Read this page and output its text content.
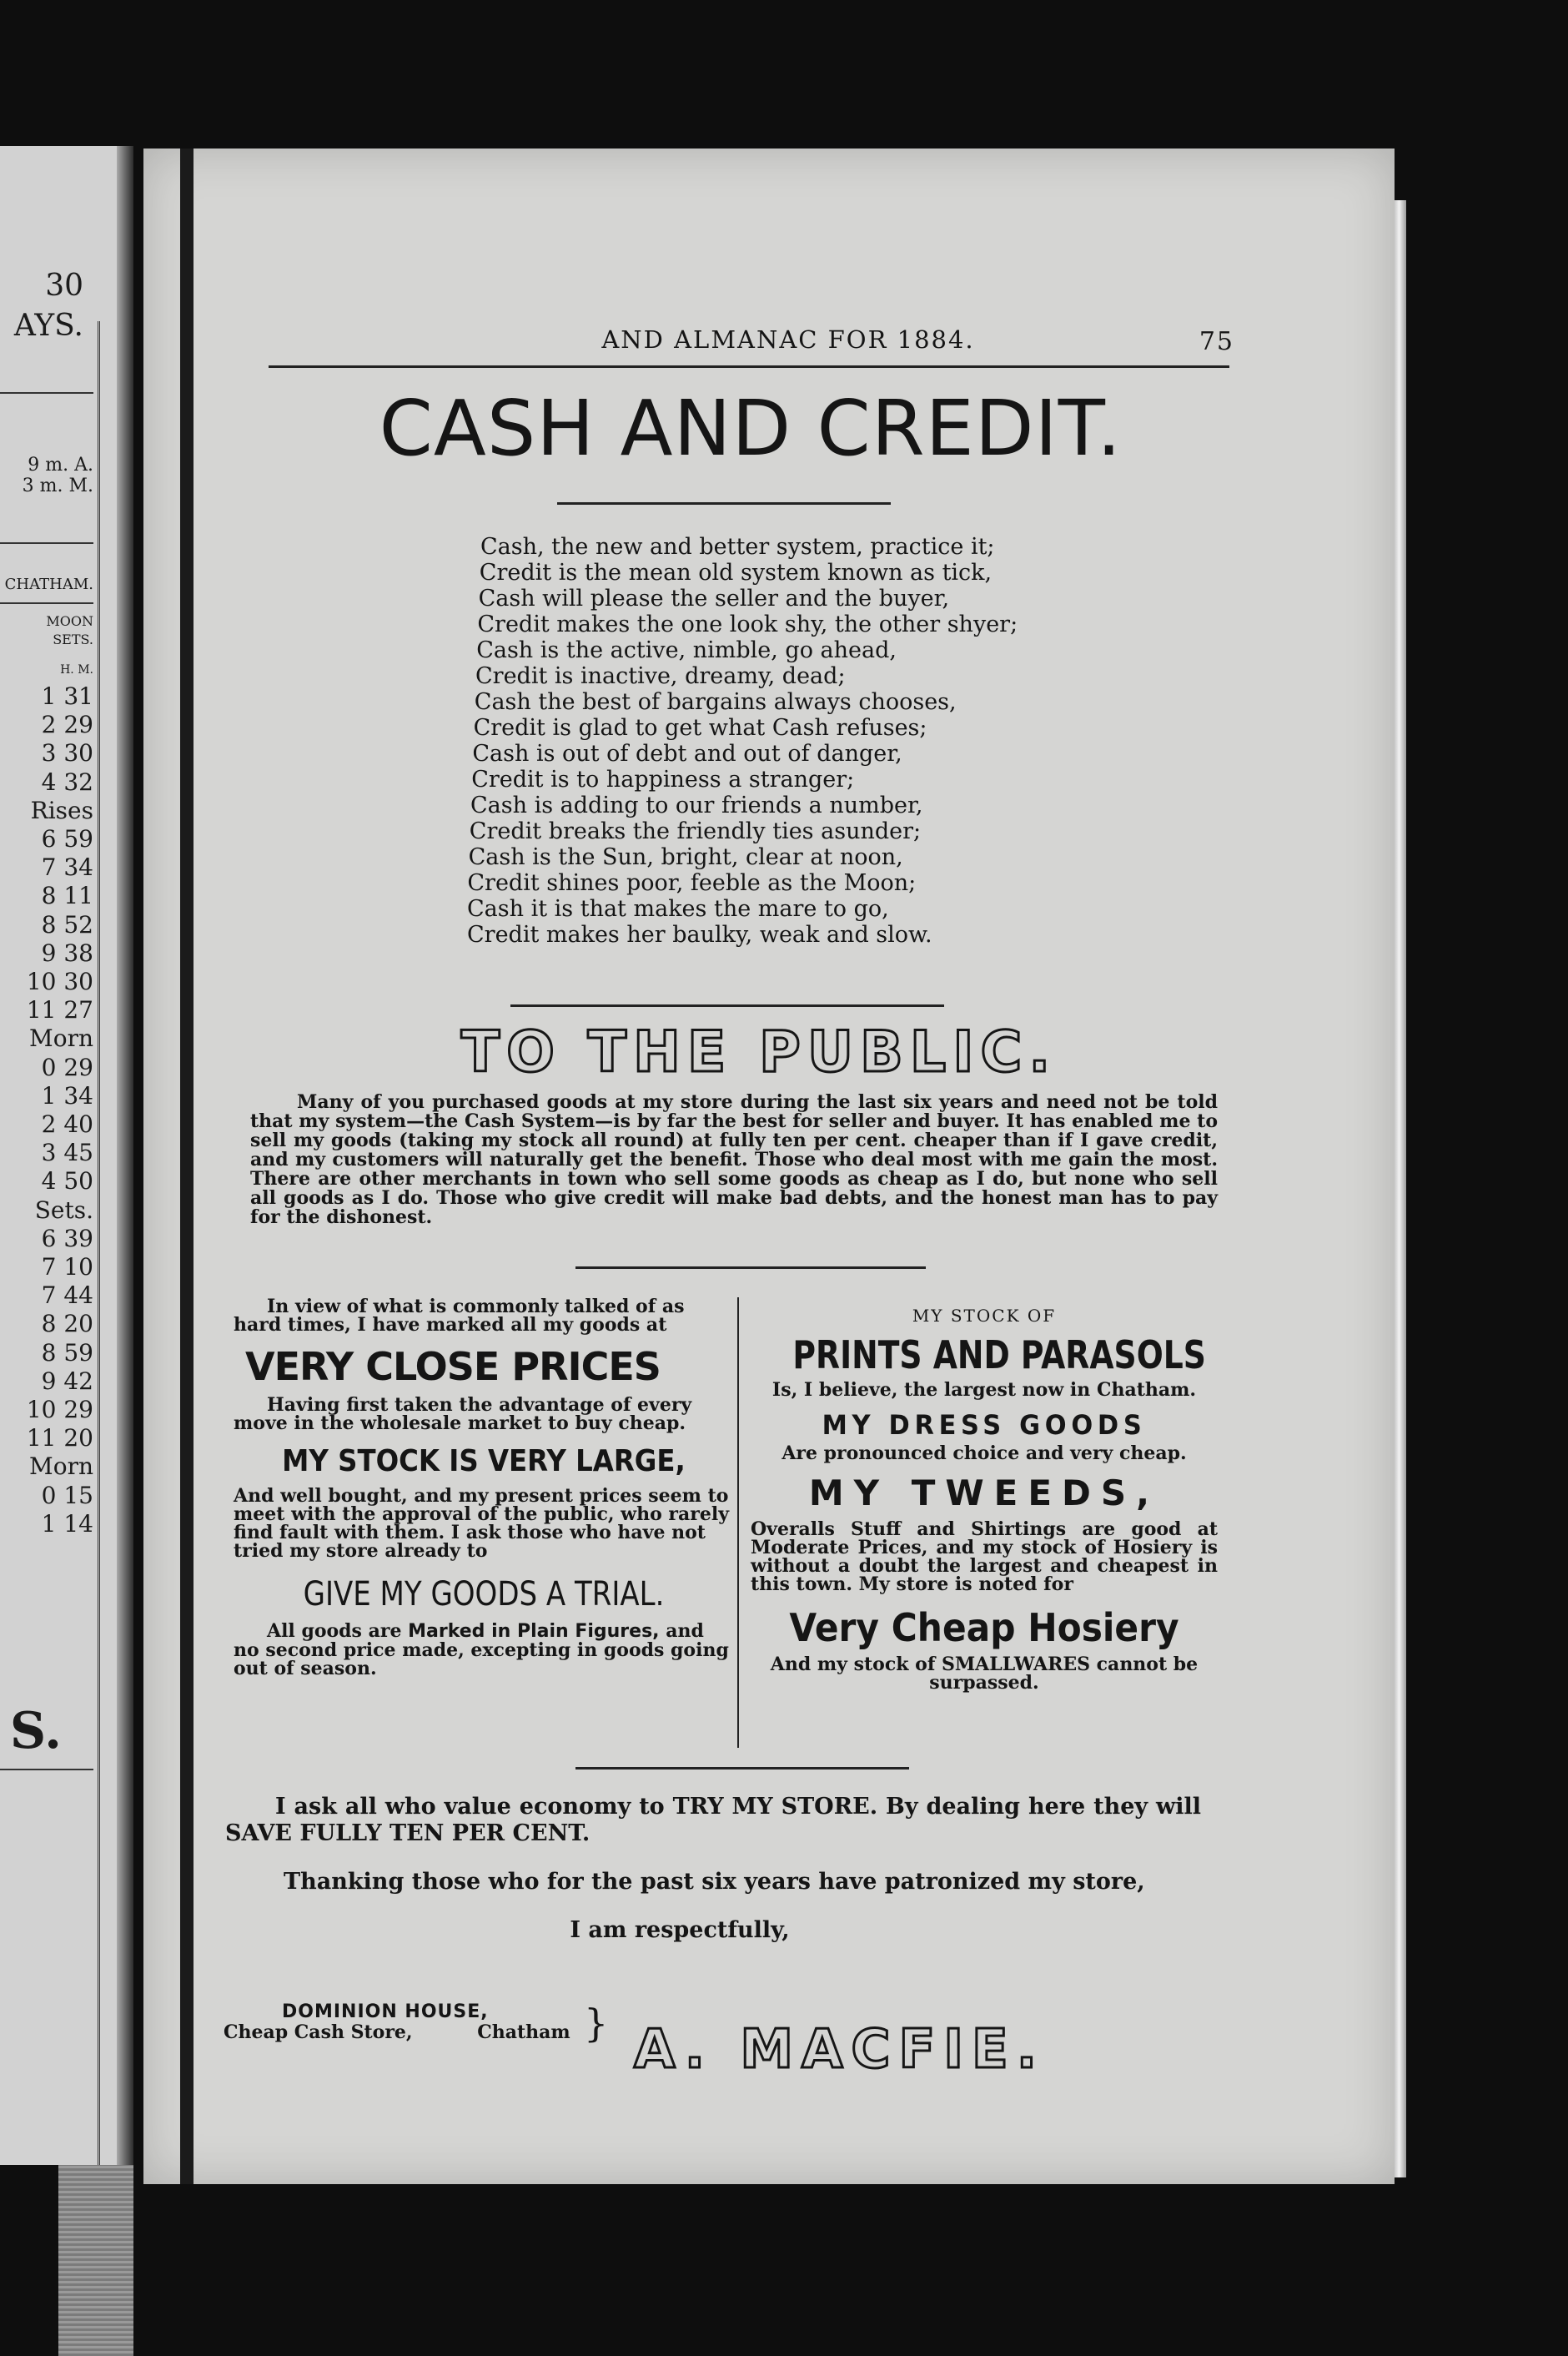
30
AYS.
9 m. A.
3 m. M.
CHATHAM.
MOON
SETS.
H. M.
1 31
2 29
3 30
4 32
Rises
6 59
7 34
8 11
8 52
9 38
10 30
11 27
Morn
0 29
1 34
2 40
3 45
4 50
Sets.
6 39
7 10
7 44
8 20
8 59
9 42
10 29
11 20
Morn
0 15
1 14
S.
AND ALMANAC FOR 1884.	75
CASH AND CREDIT.
Cash, the new and better system, practice it;
Credit is the mean old system known as tick,
Cash will please the seller and the buyer,
Credit makes the one look shy, the other shyer;
Cash is the active, nimble, go ahead,
Credit is inactive, dreamy, dead;
Cash the best of bargains always chooses,
Credit is glad to get what Cash refuses;
Cash is out of debt and out of danger,
Credit is to happiness a stranger;
Cash is adding to our friends a number,
Credit breaks the friendly ties asunder;
Cash is the Sun, bright, clear at noon,
Credit shines poor, feeble as the Moon;
Cash it is that makes the mare to go,
Credit makes her baulky, weak and slow.
TO THE PUBLIC.
Many of you purchased goods at my store during the last six years and need not be told that my system—the Cash System—is by far the best for seller and buyer. It has enabled me to sell my goods (taking my stock all round) at fully ten per cent. cheaper than if I gave credit, and my customers will naturally get the benefit. Those who deal most with me gain the most. There are other merchants in town who sell some goods as cheap as I do, but none who sell all goods as I do. Those who give credit will make bad debts, and the honest man has to pay for the dishonest.
In view of what is commonly talked of as hard times, I have marked all my goods at
VERY CLOSE PRICES
Having first taken the advantage of every move in the wholesale market to buy cheap.
MY STOCK IS VERY LARGE,
And well bought, and my present prices seem to meet with the approval of the public, who rarely find fault with them. I ask those who have not tried my store already to
GIVE MY GOODS A TRIAL.
All goods are Marked in Plain Figures, and no second price made, excepting in goods going out of season.
MY STOCK OF
PRINTS AND PARASOLS
Is, I believe, the largest now in Chatham.
MY DRESS GOODS
Are pronounced choice and very cheap.
MY TWEEDS,
Overalls Stuff and Shirtings are good at Moderate Prices, and my stock of Hosiery is without a doubt the largest and cheapest in this town. My store is noted for
Very Cheap Hosiery
And my stock of SMALLWARES cannot be surpassed.
I ask all who value economy to TRY MY STORE. By dealing here they will SAVE FULLY TEN PER CENT.
Thanking those who for the past six years have patronized my store,
I am respectfully,
DOMINION HOUSE,
Cheap Cash Store,	Chatham } A. MACFIE.
